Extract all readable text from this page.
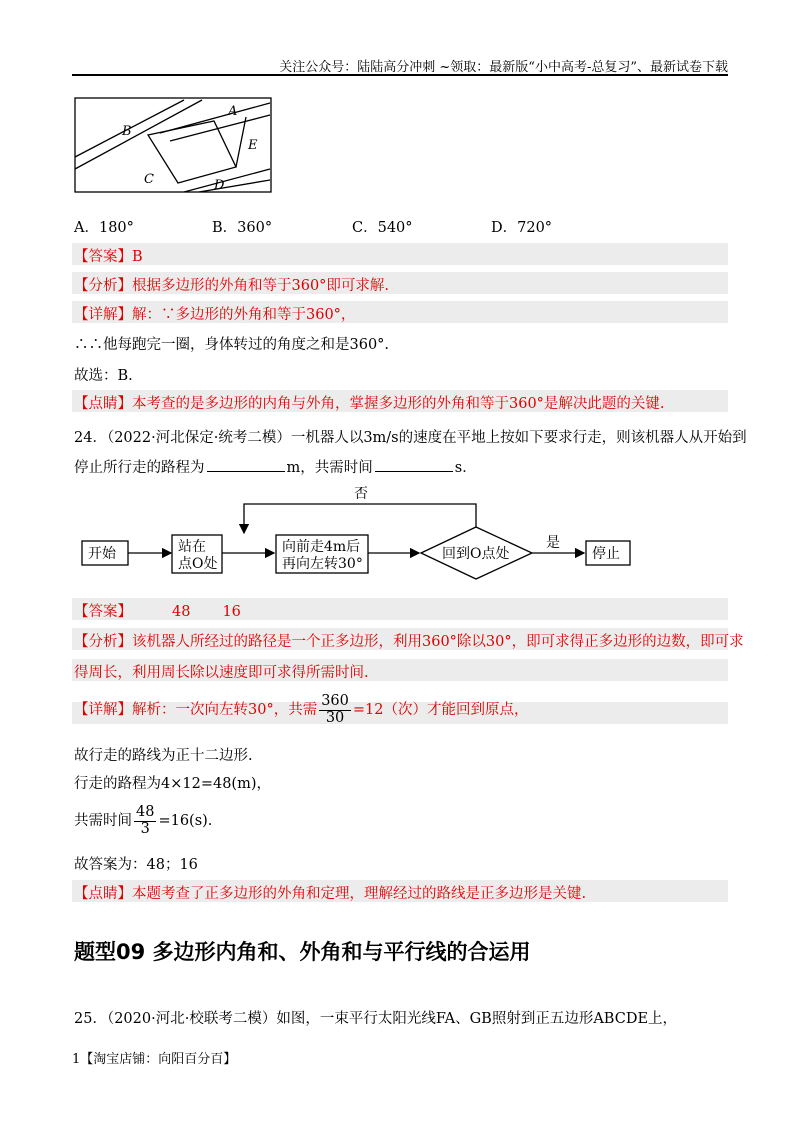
关注公众号：陆陆高分冲刺 ~领取：最新版“小中高考-总复习”、最新试卷下载
A
B
C	D
E
A．180°	B．360°	C．540°	D．720°
【答案】B
【分析】根据多边形的外角和等于360°即可求解.
【详解】解：∵多边形的外角和等于360°，
∴∴他每跑完一圈，身体转过的角度之和是360°.
故选：B.
【点睛】本考查的是多边形的内角与外角，掌握多边形的外角和等于360°是解决此题的关键.
24．（2022·河北保定·统考二模）一机器人以3m/s的速度在平地上按如下要求行走，则该机器人从开始到
停止所行走的路程为	m，共需时间	s．
开始	站在
点O处
向前走4m后
再向左转30°
回到O点处
否
是
停止
【答案】	48 16
【分析】该机器人所经过的路径是一个正多边形，利用360°除以30°，即可求得正多边形的边数，即可求
得周长，利用周长除以速度即可求得所需时间.
【详解】解析：一次向左转30°，共需 $\frac{360}{30} =12$（次）才能回到原点，
故行走的路线为正十二边形.
行走的路程为4×12=48(m)，
共需时间 $\frac{48}{3} =16(s)$.
故答案为：48；16
【点睛】本题考查了正多边形的外角和定理，理解经过的路线是正多边形是关键.
题型09 多边形内角和、外角和与平行线的合运用
25．（2020·河北·校联考二模）如图，一束平行太阳光线FA、GB照射到正五边形ABCDE上，
1【淘宝店铺：向阳百分百】
